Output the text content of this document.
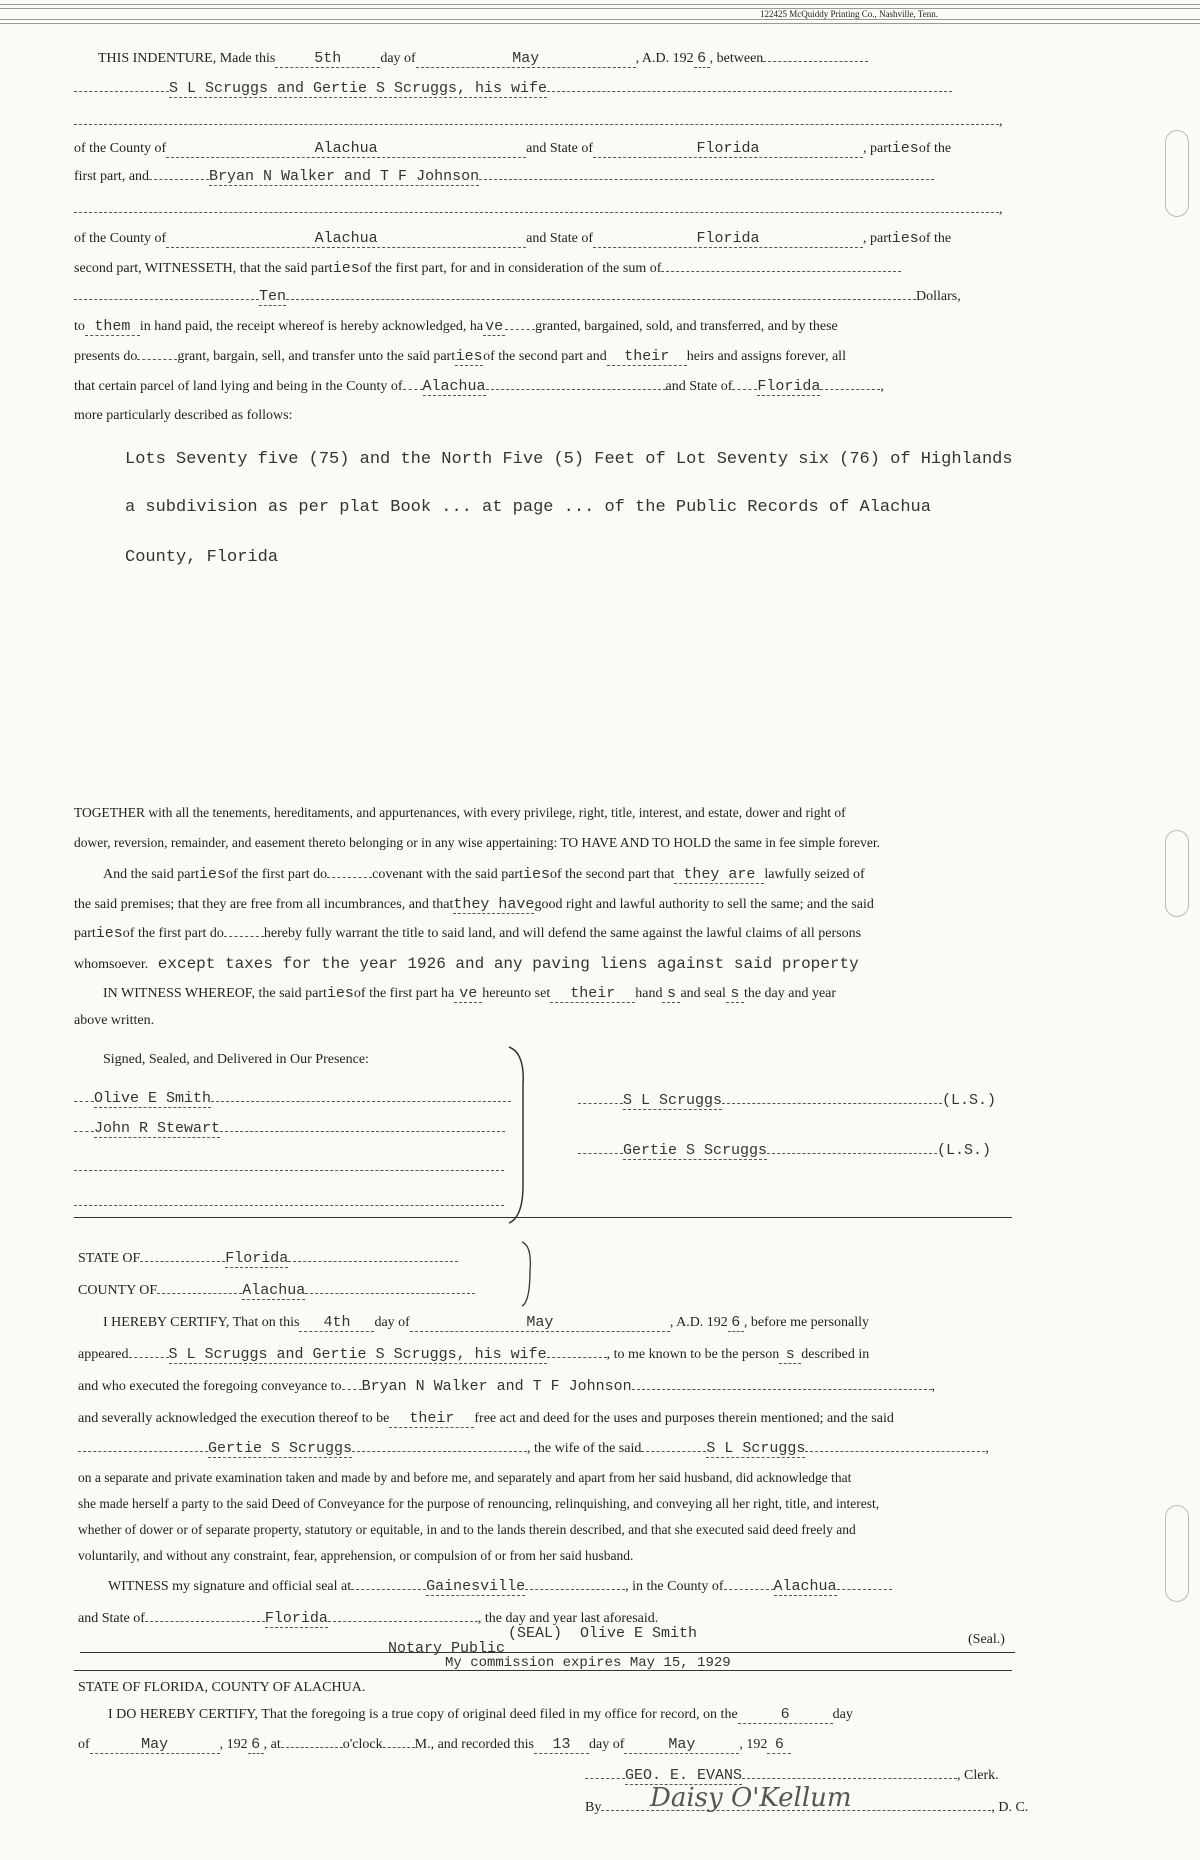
122425 McQuiddy Printing Co., Nashville, Tenn.
THIS INDENTURE, Made this	5th	day of	May	, A.D. 192 6 , between
S L Scruggs and Gertie S Scruggs, his wife
,
of the County of	Alachua	and State of	Florida	, partiesof the
first part, and	Bryan N Walker and T F Johnson
,
of the County of	Alachua	and State of	Florida	, partiesof the
second part, WITNESSETH, that the said partiesof the first part, for and in consideration of the sum of
Ten	Dollars,
to them in hand paid, the receipt whereof is hereby acknowledged, ha ve granted, bargained, sold, and transferred, and by these
presents do	grant, bargain, sell, and transfer unto the said partiesof the second part and their heirs and assigns forever, all
that certain parcel of land lying and being in the County of Alachua	and State of Florida	,
more particularly described as follows:
Lots Seventy five (75) and the North Five (5) Feet of Lot Seventy six (76) of Highlands
a subdivision as per plat Book ... at page ... of the Public Records of Alachua
County, Florida
TOGETHER with all the tenements, hereditaments, and appurtenances, with every privilege, right, title, interest, and estate, dower and right of
dower, reversion, remainder, and easement thereto belonging or in any wise appertaining: TO HAVE AND TO HOLD the same in fee simple forever.
And the said partiesof the first part do	covenant with the said partiesof the second part that they are lawfully seized of
the said premises; that they are free from all incumbrances, and thatthey havegood right and lawful authority to sell the same; and the said
partiesof the first part do	hereby fully warrant the title to said land, and will defend the same against the lawful claims of all persons
whomsoever. except taxes for the year 1926 and any paving liens against said property
IN WITNESS WHEREOF, the said partiesof the first part ha ve hereunto set their hand s and seal s the day and year
above written.
Signed, Sealed, and Delivered in Our Presence:
Olive E Smith
John R Stewart
S L Scruggs	(L.S.)
Gertie S Scruggs	(L.S.)
STATE OF	Florida
COUNTY OF	Alachua
I HEREBY CERTIFY, That on this 4th day of	May	, A.D. 192 6 , before me personally
appeared	S L Scruggs and Gertie S Scruggs, his wife	, to me known to be the person s described in
and who executed the foregoing conveyance to Bryan N Walker and T F Johnson	,
and severally acknowledged the execution thereof to be their free act and deed for the uses and purposes therein mentioned; and the said
Gertie S Scruggs	, the wife of the said	S L Scruggs	,
on a separate and private examination taken and made by and before me, and separately and apart from her said husband, did acknowledge that
she made herself a party to the said Deed of Conveyance for the purpose of renouncing, relinquishing, and conveying all her right, title, and interest,
whether of dower or of separate property, statutory or equitable, in and to the lands therein described, and that she executed said deed freely and
voluntarily, and without any constraint, fear, apprehension, or compulsion of or from her said husband.
WITNESS my signature and official seal at	Gainesville	, in the County of	Alachua
and State of	Florida	, the day and year last aforesaid.
(SEAL) Olive E Smith
Notary Public
My commission expires May 15, 1929
(Seal.)
STATE OF FLORIDA, COUNTY OF ALACHUA.
I DO HEREBY CERTIFY, That the foregoing is a true copy of original deed filed in my office for record, on the	6	day
of	May	, 192 6 , at	o'clock M., and recorded this 13 day of	May	, 192 6
GEO. E. EVANS	, Clerk.
By	, D. C.
Daisy O'Kellum
